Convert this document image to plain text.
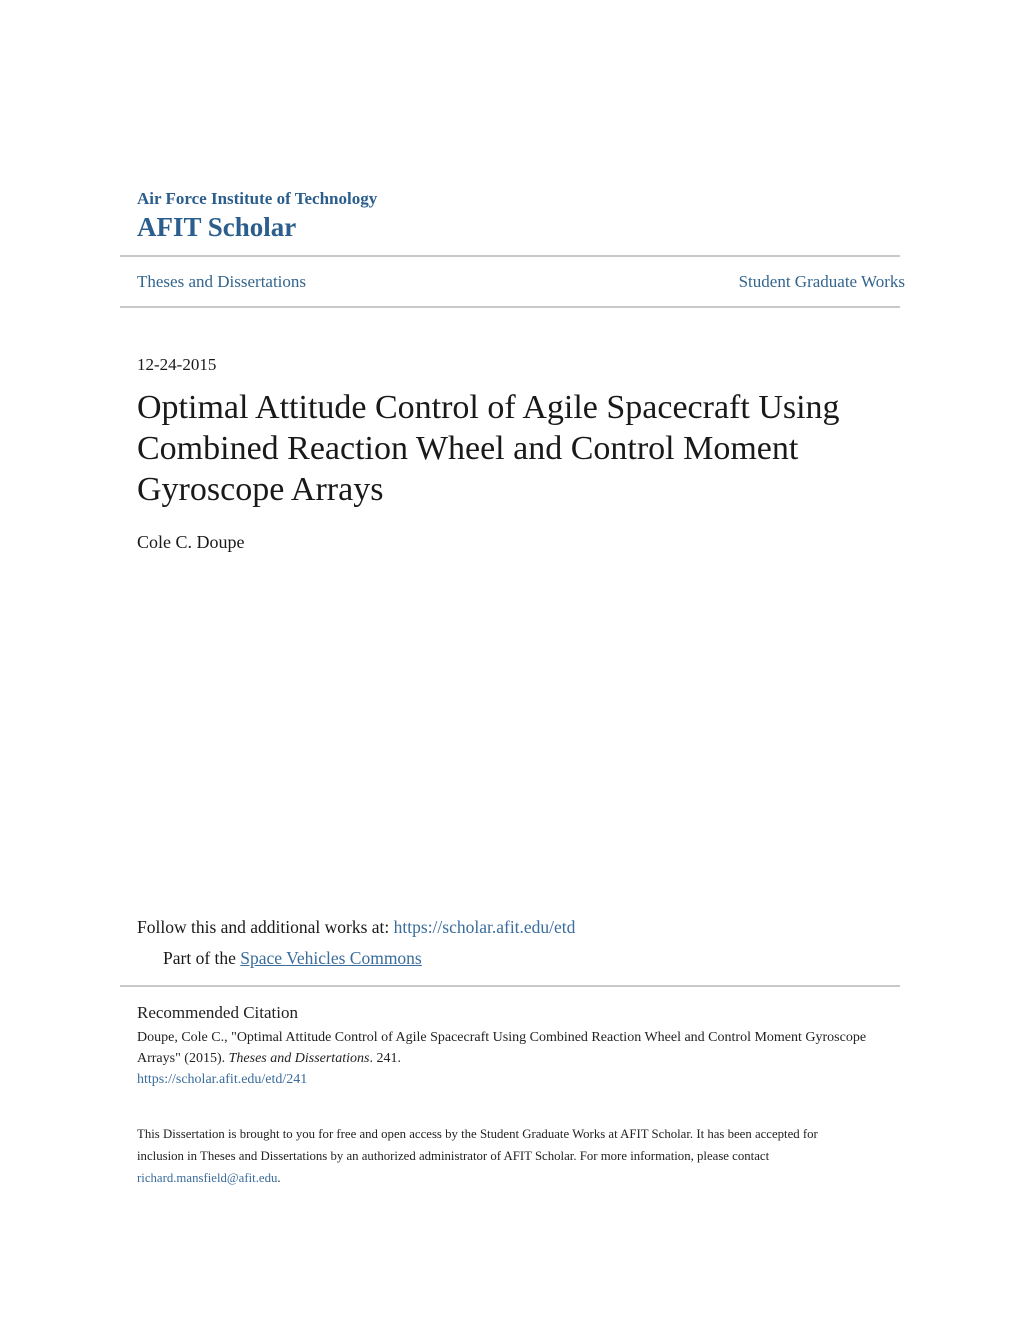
Air Force Institute of Technology
AFIT Scholar
Theses and Dissertations	Student Graduate Works
12-24-2015
Optimal Attitude Control of Agile Spacecraft Using
Combined Reaction Wheel and Control Moment
Gyroscope Arrays
Cole C. Doupe
Follow this and additional works at: https://scholar.afit.edu/etd
Part of the Space Vehicles Commons
Recommended Citation
Doupe, Cole C., "Optimal Attitude Control of Agile Spacecraft Using Combined Reaction Wheel and Control Moment Gyroscope Arrays" (2015). Theses and Dissertations. 241.
https://scholar.afit.edu/etd/241
This Dissertation is brought to you for free and open access by the Student Graduate Works at AFIT Scholar. It has been accepted for inclusion in Theses and Dissertations by an authorized administrator of AFIT Scholar. For more information, please contact richard.mansfield@afit.edu.
